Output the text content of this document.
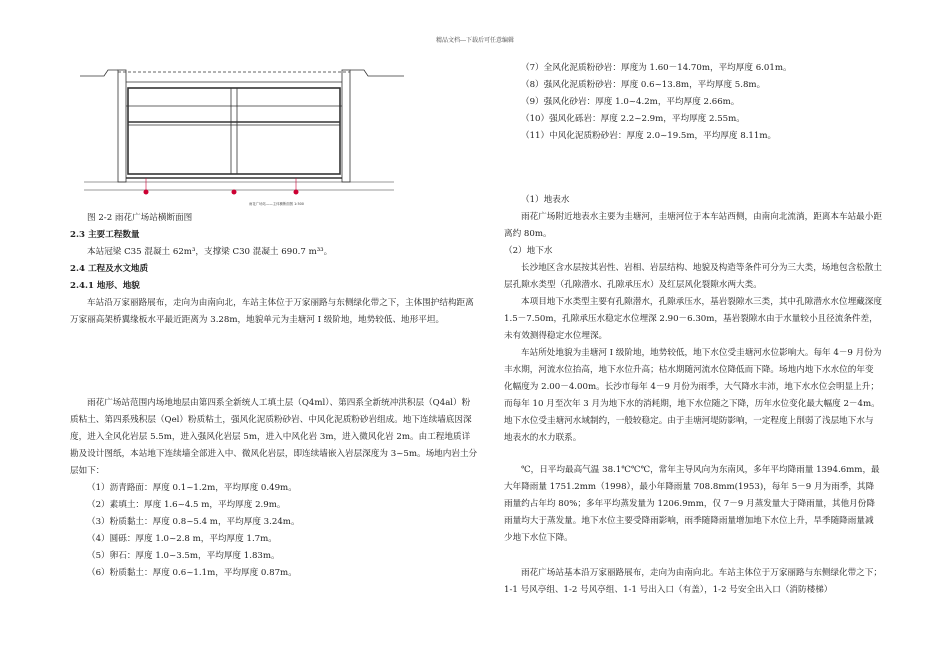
精品文档---下载后可任意编辑
雨花广场站——主体横断面图 1:500

图 2-2 雨花广场站横断面图

2.3 主要工程数量

本站冠梁 C35 混凝土 62m³，支撑梁 C30 混凝土 690.7 m³³。

2.4 工程及水文地质

2.4.1 地形、地貌

车站沿万家丽路展布，走向为由南向北，车站主体位于万家丽路与东侧绿化带之下，主体围护结构距离万家丽高架桥翼缘板水平最近距离为 3.28m，地貌单元为圭塘河 I 级阶地，地势较低、地形平坦。

雨花广场站范围内场地地层由第四系全新统人工填土层（Q4ml）、第四系全新统冲洪积层（Q4al）粉质粘土、第四系残积层（Qel）粉质粘土，强风化泥质粉砂岩、中风化泥质粉砂岩组成。地下连续墙底因深度，进入全风化岩层 5.5m，进入强风化岩层 5m，进入中风化岩 3m，进入微风化岩 2m。由工程地质详勘及设计图纸，本站地下连续墙全部进入中、微风化岩层，即连续墙嵌入岩层深度为 3~5m。场地内岩土分层如下：

（1）沥青路面：厚度 0.1~1.2m，平均厚度 0.49m。

（2）素填土：厚度 1.6~4.5 m，平均厚度 2.9m。

（3）粉质黏土：厚度 0.8~5.4 m，平均厚度 3.24m。

（4）圆砾：厚度 1.0~2.8 m，平均厚度 1.7m。

（5）卵石：厚度 1.0~3.5m，平均厚度 1.83m。

（6）粉质黏土：厚度 0.6~1.1m，平均厚度 0.87m。

（7）全风化泥质粉砂岩：厚度为 1.60－14.70m，平均厚度 6.01m。

（8）强风化泥质粉砂岩：厚度 0.6~13.8m，平均厚度 5.8m。

（9）强风化砂岩：厚度 1.0~4.2m，平均厚度 2.66m。

（10）强风化砾岩：厚度 2.2~2.9m，平均厚度 2.55m。

（11）中风化泥质粉砂岩：厚度 2.0~19.5m，平均厚度 8.11m。

（1）地表水

雨花广场附近地表水主要为圭塘河，圭塘河位于本车站西侧，由南向北流淌，距离本车站最小距离约 80m。

（2）地下水

长沙地区含水层按其岩性、岩相、岩层结构、地貌及构造等条件可分为三大类，场地包含松散土层孔隙水类型（孔隙潜水、孔隙承压水）及红层风化裂隙水两大类。

本项目地下水类型主要有孔隙潜水，孔隙承压水，基岩裂隙水三类，其中孔隙潜水水位埋藏深度 1.5－7.50m，孔隙承压水稳定水位埋深 2.90－6.30m，基岩裂隙水由于水量较小且径流条件差，未有效测得稳定水位埋深。

车站所处地貌为圭塘河 I 级阶地，地势较低，地下水位受圭塘河水位影响大。每年 4－9 月份为丰水期，河流水位抬高，地下水位升高；枯水期随河流水位降低而下降。场地内地下水水位的年变化幅度为 2.00－4.00m。长沙市每年 4－9 月份为雨季，大气降水丰沛，地下水水位会明显上升；而每年 10 月至次年 3 月为地下水的消耗期，地下水位随之下降，历年水位变化最大幅度 2－4m。地下水位受圭塘河水域制约，一般较稳定。由于圭塘河堤防影响，一定程度上削弱了浅层地下水与地表水的水力联系。

℃，日平均最高气温 38.1℃℃℃，常年主导风向为东南风，多年平均降雨量 1394.6mm，最大年降雨量 1751.2mm（1998），最小年降雨量 708.8mm(1953)，每年 5－9 月为雨季，其降雨量约占年均 80%；多年平均蒸发量为 1206.9mm，仅 7－9 月蒸发量大于降雨量，其他月份降雨量均大于蒸发量。地下水位主要受降雨影响，雨季随降雨量增加地下水位上升，旱季随降雨量减少地下水位下降。

雨花广场站基本沿万家丽路展布，走向为由南向北。车站主体位于万家丽路与东侧绿化带之下；1-1 号风亭组、1-2 号风亭组、1-1 号出入口（有盖），1-2 号安全出入口（消防楼梯）
